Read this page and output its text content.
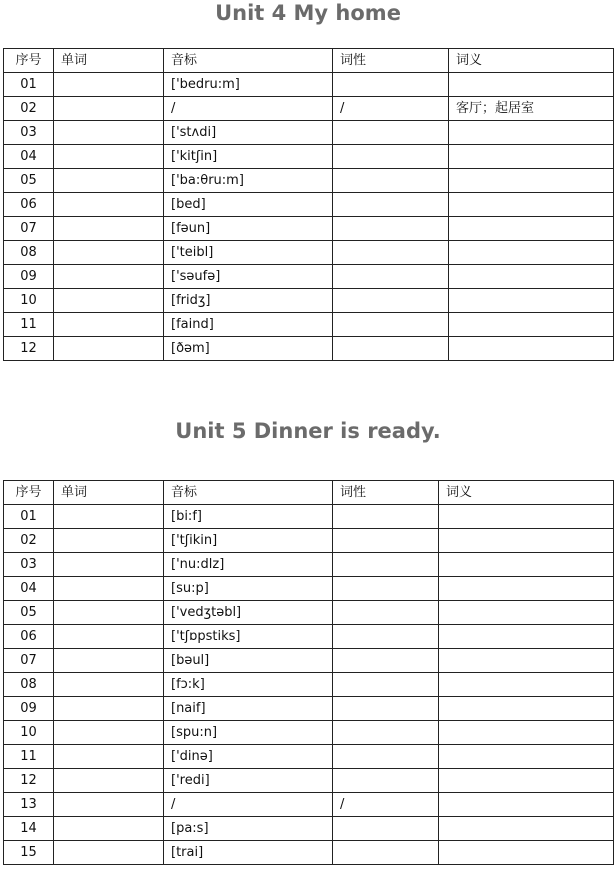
Unit 4 My home
序号	单词	音标	词性	词义
01		['bedru:m]		
02		/	/	客厅；起居室
03		['stʌdi]		
04		['kitʃin]		
05		['ba:θru:m]		
06		[bed]		
07		[fəun]		
08		['teibl]		
09		['səufə]		
10		[fridʒ]		
11		[faind]		
12		[ðəm]		
Unit 5 Dinner is ready.
序号	单词	音标	词性	词义
01		[bi:f]		
02		['tʃikin]		
03		['nu:dlz]		
04		[su:p]		
05		['vedʒtəbl]		
06		['tʃɒpstiks]		
07		[bəul]		
08		[fɔ:k]		
09		[naif]		
10		[spu:n]		
11		['dinə]		
12		['redi]		
13		/	/	
14		[pa:s]		
15		[trai]		
